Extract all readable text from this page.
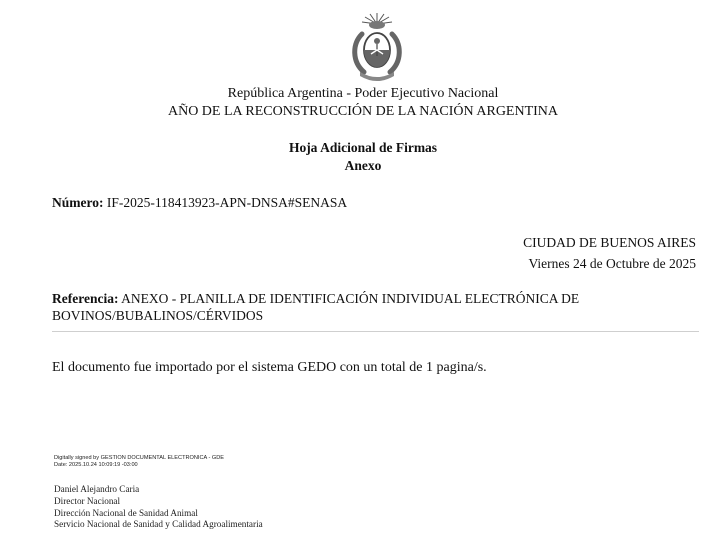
República Argentina - Poder Ejecutivo Nacional
AÑO DE LA RECONSTRUCCIÓN DE LA NACIÓN ARGENTINA
Hoja Adicional de Firmas
Anexo
Número: IF-2025-118413923-APN-DNSA#SENASA
CIUDAD DE BUENOS AIRES
Viernes 24 de Octubre de 2025
Referencia: ANEXO - PLANILLA DE IDENTIFICACIÓN INDIVIDUAL ELECTRÓNICA DE BOVINOS/BUBALINOS/CÉRVIDOS
El documento fue importado por el sistema GEDO con un total de 1 pagina/s.
Digitally signed by GESTION DOCUMENTAL ELECTRONICA - GDE
Date: 2025.10.24 10:09:19 -03:00
Daniel Alejandro Caria
Director Nacional
Dirección Nacional de Sanidad Animal
Servicio Nacional de Sanidad y Calidad Agroalimentaria
